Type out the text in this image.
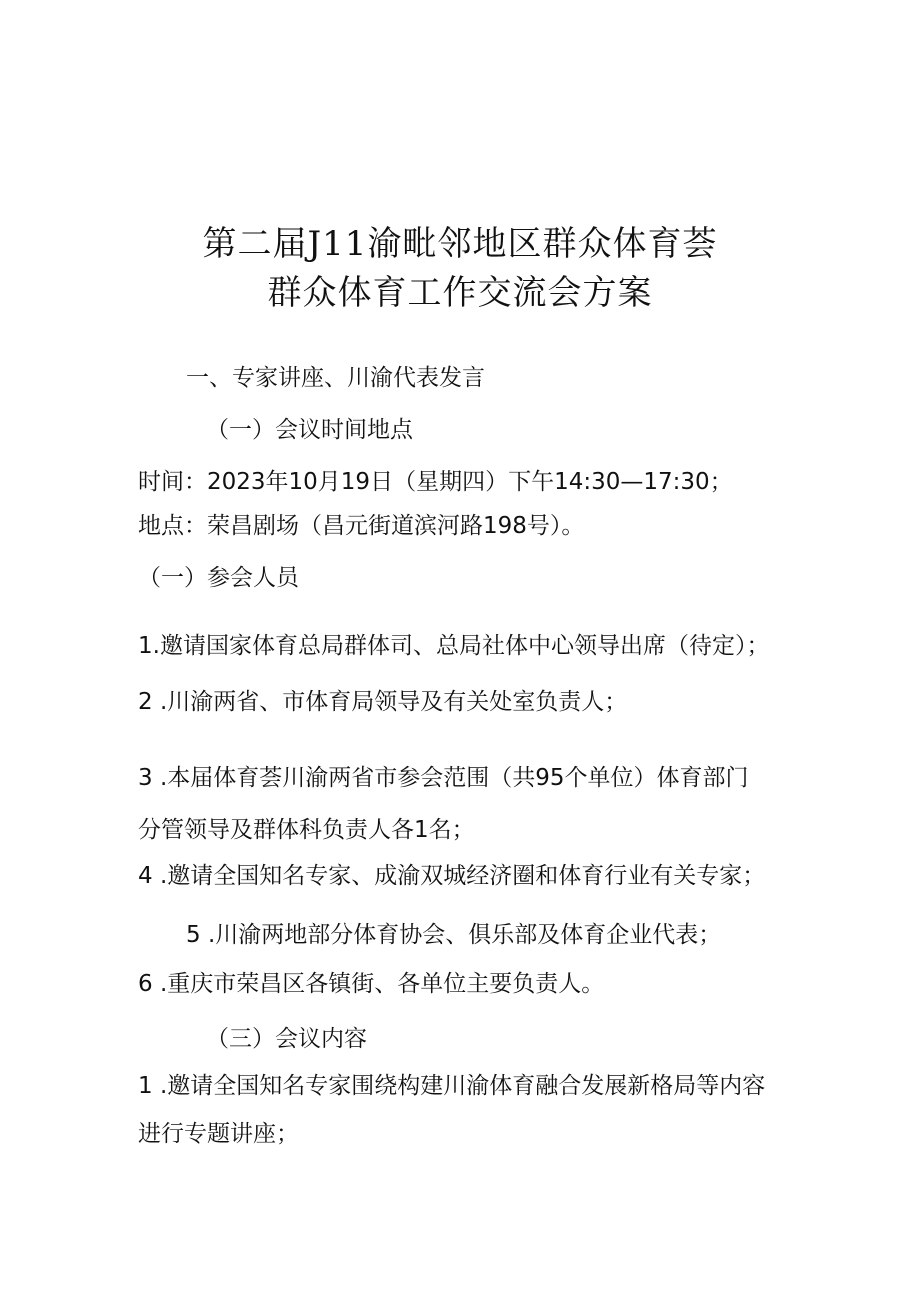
第二届J11渝毗邻地区群众体育荟
群众体育工作交流会方案
一、专家讲座、川渝代表发言
（一）会议时间地点
时间：2023年10月19日（星期四）下午14:30—17:30；
地点：荣昌剧场（昌元街道滨河路198号）。
（一）参会人员
1.邀请国家体育总局群体司、总局社体中心领导出席（待定）；
2 .川渝两省、市体育局领导及有关处室负责人；
3 .本届体育荟川渝两省市参会范围（共95个单位）体育部门
分管领导及群体科负责人各1名；
4 .邀请全国知名专家、成渝双城经济圈和体育行业有关专家；
5 .川渝两地部分体育协会、俱乐部及体育企业代表；
6 .重庆市荣昌区各镇街、各单位主要负责人。
（三）会议内容
1 .邀请全国知名专家围绕构建川渝体育融合发展新格局等内容
进行专题讲座；
